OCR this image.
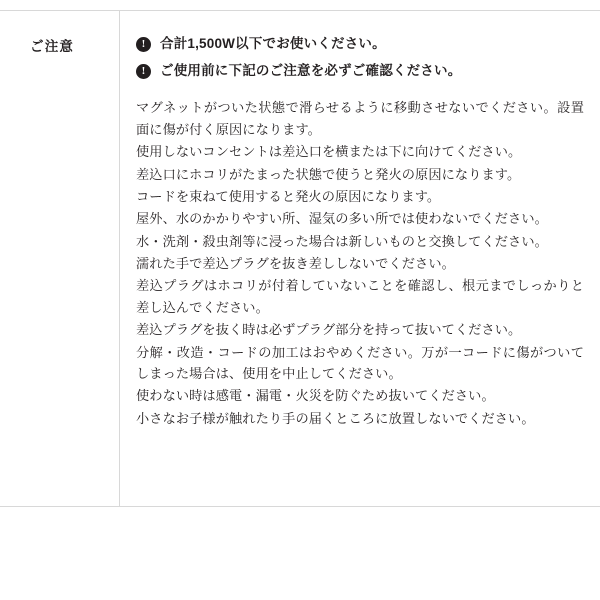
ご注意	!	合計1,500W以下でお使いください。
!	ご使用前に下記のご注意を必ずご確認ください。

マグネットがついた状態で滑らせるように移動させないでください。設置面に傷が付く原因になります。

使用しないコンセントは差込口を横または下に向けてください。

差込口にホコリがたまった状態で使うと発火の原因になります。

コードを束ねて使用すると発火の原因になります。

屋外、水のかかりやすい所、湿気の多い所では使わないでください。

水・洗剤・殺虫剤等に浸った場合は新しいものと交換してください。

濡れた手で差込プラグを抜き差ししないでください。

差込プラグはホコリが付着していないことを確認し、根元までしっかりと差し込んでください。

差込プラグを抜く時は必ずプラグ部分を持って抜いてください。

分解・改造・コードの加工はおやめください。万が一コードに傷がついてしまった場合は、使用を中止してください。

使わない時は感電・漏電・火災を防ぐため抜いてください。

小さなお子様が触れたり手の届くところに放置しないでください。
